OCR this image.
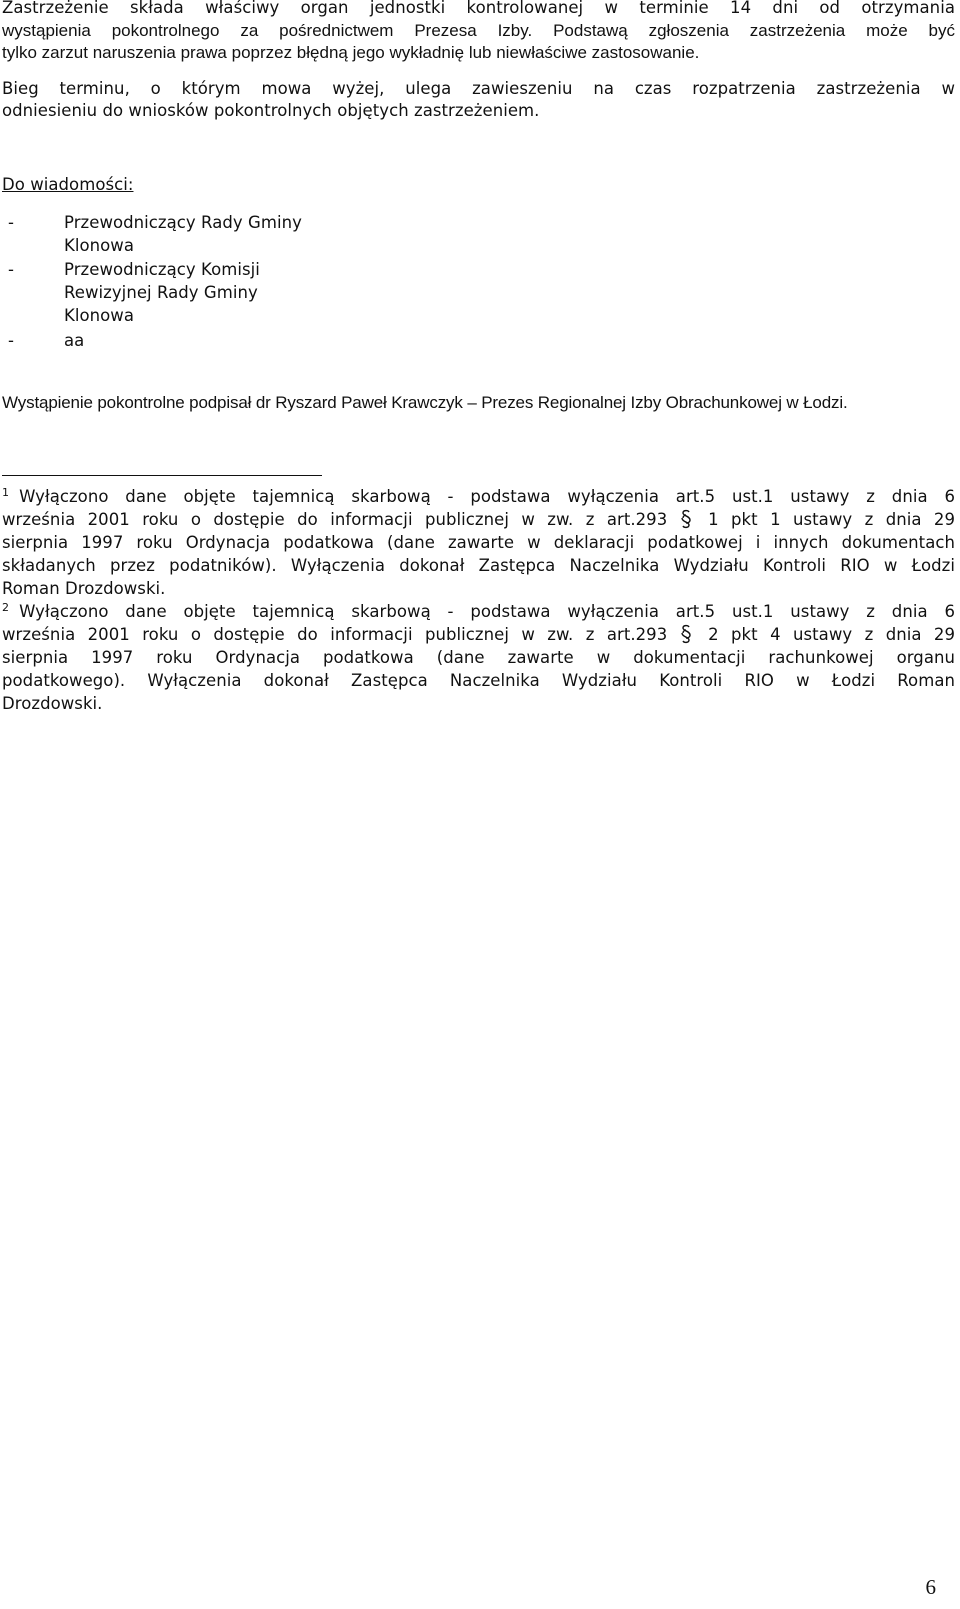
Zastrzeżenie składa właściwy organ jednostki kontrolowanej w terminie 14 dni od otrzymania
wystąpienia pokontrolnego za pośrednictwem Prezesa Izby. Podstawą zgłoszenia zastrzeżenia może być
tylko zarzut naruszenia prawa poprzez błędną jego wykładnię lub niewłaściwe zastosowanie.
Bieg terminu, o którym mowa wyżej, ulega zawieszeniu na czas rozpatrzenia zastrzeżenia w
odniesieniu do wniosków pokontrolnych objętych zastrzeżeniem.
Do wiadomości:
-	Przewodniczący Rady Gminy
Klonowa
-	Przewodniczący Komisji
Rewizyjnej Rady Gminy
Klonowa
-	aa
Wystąpienie pokontrolne podpisał dr Ryszard Paweł Krawczyk – Prezes Regionalnej Izby Obrachunkowej w Łodzi.
$^1$ Wyłączono dane objęte tajemnicą skarbową - podstawa wyłączenia art.5 ust.1 ustawy z dnia 6
września 2001 roku o dostępie do informacji publicznej w zw. z art.293 1 pkt 1 ustawy z dnia 29
sierpnia 1997 roku Ordynacja podatkowa (dane zawarte w deklaracji podatkowej i innych dokumentach
składanych przez podatników). Wyłączenia dokonał Zastępca Naczelnika Wydziału Kontroli RIO w Łodzi
Roman Drozdowski.
$^2$ Wyłączono dane objęte tajemnicą skarbową - podstawa wyłączenia art.5 ust.1 ustawy z dnia 6
września 2001 roku o dostępie do informacji publicznej w zw. z art.293 2 pkt 4 ustawy z dnia 29
sierpnia 1997 roku Ordynacja podatkowa (dane zawarte w dokumentacji rachunkowej organu
podatkowego). Wyłączenia dokonał Zastępca Naczelnika Wydziału Kontroli RIO w Łodzi Roman
Drozdowski.
6
